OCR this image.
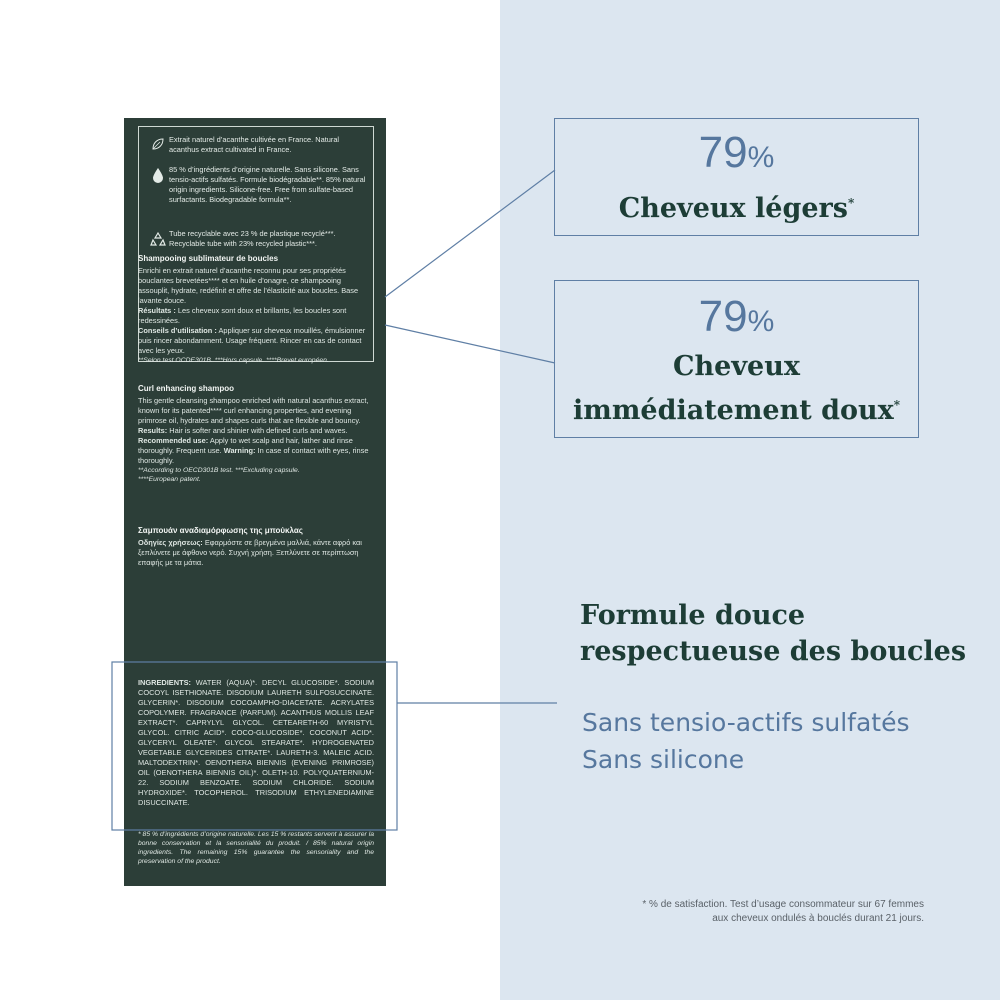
Extrait naturel d’acanthe cultivée en France. Natural acanthus extract cultivated in France.
85 % d’ingrédients d’origine naturelle. Sans silicone. Sans tensio-actifs sulfatés. Formule biodégradable**. 85% natural origin ingredients. Silicone-free. Free from sulfate-based surfactants. Biodegradable formula**.
Tube recyclable avec 23 % de plastique recyclé***. Recyclable tube with 23% recycled plastic***.
Shampooing sublimateur de boucles

Enrichi en extrait naturel d’acanthe reconnu pour ses propriétés bouclantes brevetées**** et en huile d’onagre, ce shampooing assouplit, hydrate, redéfinit et offre de l’élasticité aux boucles. Base lavante douce.

Résultats : Les cheveux sont doux et brillants, les boucles sont redessinées.

Conseils d’utilisation : Appliquer sur cheveux mouillés, émulsionner puis rincer abondamment. Usage fréquent. Rincer en cas de contact avec les yeux.

**Selon test OCDE301B. ***Hors capsule. ****Brevet européen.

Curl enhancing shampoo

This gentle cleansing shampoo enriched with natural acanthus extract, known for its patented**** curl enhancing properties, and evening primrose oil, hydrates and shapes curls that are flexible and bouncy.

Results: Hair is softer and shinier with defined curls and waves.

Recommended use: Apply to wet scalp and hair, lather and rinse thoroughly. Frequent use. Warning: In case of contact with eyes, rinse thoroughly.

**According to OECD301B test. ***Excluding capsule.

****European patent.

Σαμπουάν αναδιαμόρφωσης της μπούκλας

Οδηγίες χρήσεως: Εφαρμόστε σε βρεγμένα μαλλιά, κάντε αφρό και ξεπλύνετε με άφθονο νερό. Συχνή χρήση. Ξεπλύνετε σε περίπτωση επαφής με τα μάτια.

INGREDIENTS: WATER (AQUA)*. DECYL GLUCOSIDE*. SODIUM COCOYL ISETHIONATE. DISODIUM LAURETH SULFOSUCCINATE. GLYCERIN*. DISODIUM COCOAMPHO-DIACETATE. ACRYLATES COPOLYMER. FRAGRANCE (PARFUM). ACANTHUS MOLLIS LEAF EXTRACT*. CAPRYLYL GLYCOL. CETEARETH-60 MYRISTYL GLYCOL. CITRIC ACID*. COCO-GLUCOSIDE*. COCONUT ACID*. GLYCERYL OLEATE*. GLYCOL STEARATE*. HYDROGENATED VEGETABLE GLYCERIDES CITRATE*. LAURETH-3. MALEIC ACID. MALTODEXTRIN*. OENOTHERA BIENNIS (EVENING PRIMROSE) OIL (OENOTHERA BIENNIS OIL)*. OLETH-10. POLYQUATERNIUM-22. SODIUM BENZOATE. SODIUM CHLORIDE. SODIUM HYDROXIDE*. TOCOPHEROL. TRISODIUM ETHYLENEDIAMINE DISUCCINATE.
* 85 % d’ingrédients d’origine naturelle. Les 15 % restants servent à assurer la bonne conservation et la sensorialité du produit. / 85% natural origin ingredients. The remaining 15% guarantee the sensoriality and the preservation of the product.
79%
Cheveux légers*
79%
Cheveux
immédiatement doux*
Formule douce respectueuse des boucles
Sans tensio-actifs sulfatés
Sans silicone
* % de satisfaction. Test d’usage consommateur sur 67 femmes
aux cheveux ondulés à bouclés durant 21 jours.
